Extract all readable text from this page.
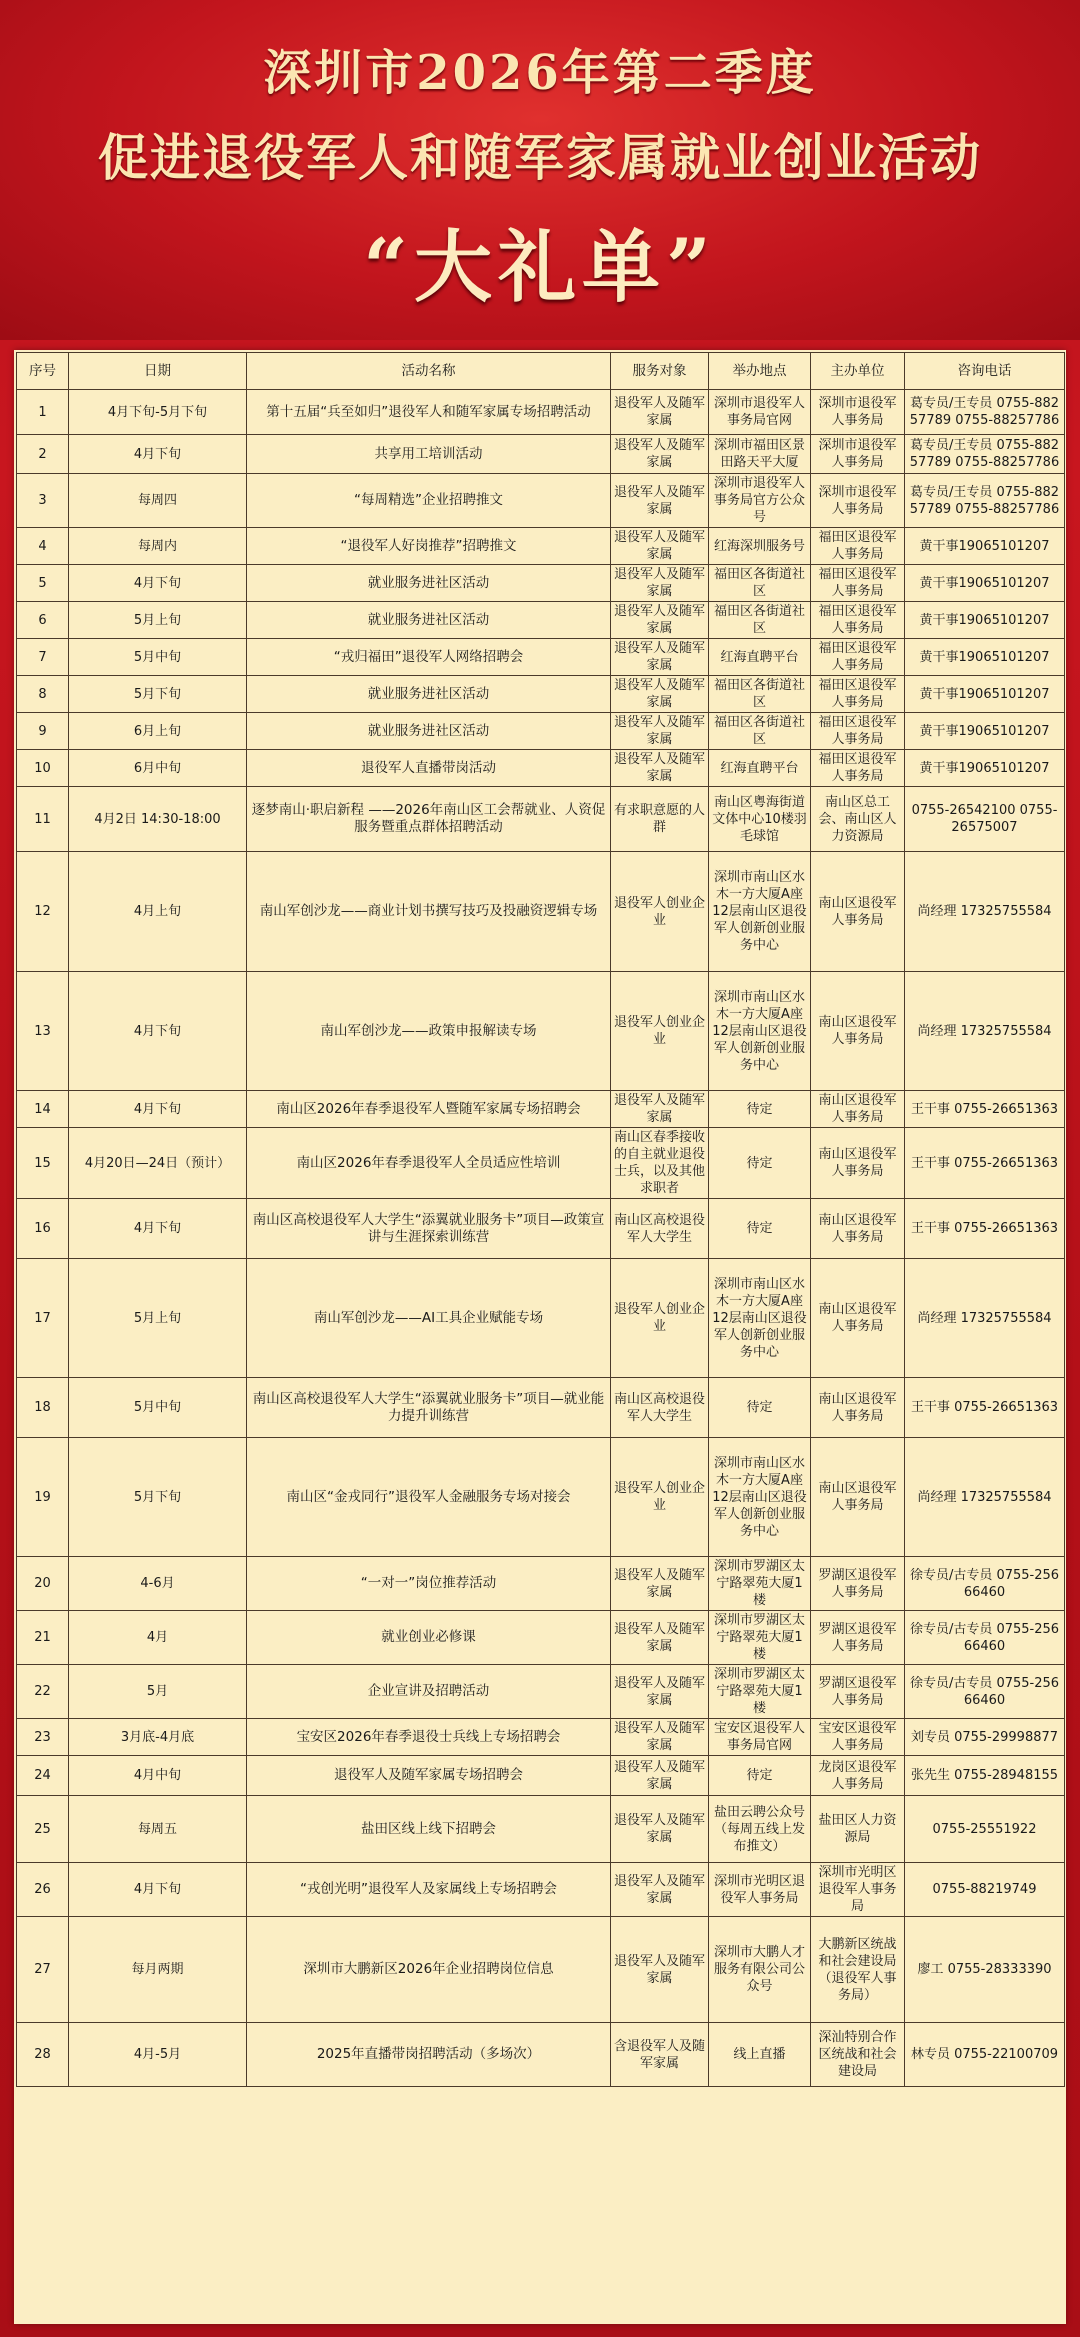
深圳市2026年第二季度
促进退役军人和随军家属就业创业活动
“大礼单”
序号	日期	活动名称	服务对象	举办地点	主办单位	咨询电话
1	4月下旬-5月下旬	第十五届“兵至如归”退役军人和随军家属专场招聘活动	退役军人及随军家属	深圳市退役军人事务局官网	深圳市退役军人事务局	葛专员/王专员 0755-88257789 0755-88257786
2	4月下旬	共享用工培训活动	退役军人及随军家属	深圳市福田区景田路天平大厦	深圳市退役军人事务局	葛专员/王专员 0755-88257789 0755-88257786
3	每周四	“每周精选”企业招聘推文	退役军人及随军家属	深圳市退役军人事务局官方公众号	深圳市退役军人事务局	葛专员/王专员 0755-88257789 0755-88257786
4	每周内	“退役军人好岗推荐”招聘推文	退役军人及随军家属	红海深圳服务号	福田区退役军人事务局	黄干事19065101207
5	4月下旬	就业服务进社区活动	退役军人及随军家属	福田区各街道社区	福田区退役军人事务局	黄干事19065101207
6	5月上旬	就业服务进社区活动	退役军人及随军家属	福田区各街道社区	福田区退役军人事务局	黄干事19065101207
7	5月中旬	“戎归福田”退役军人网络招聘会	退役军人及随军家属	红海直聘平台	福田区退役军人事务局	黄干事19065101207
8	5月下旬	就业服务进社区活动	退役军人及随军家属	福田区各街道社区	福田区退役军人事务局	黄干事19065101207
9	6月上旬	就业服务进社区活动	退役军人及随军家属	福田区各街道社区	福田区退役军人事务局	黄干事19065101207
10	6月中旬	退役军人直播带岗活动	退役军人及随军家属	红海直聘平台	福田区退役军人事务局	黄干事19065101207
11	4月2日 14:30-18:00	逐梦南山·职启新程 ——2026年南山区工会帮就业、人资促服务暨重点群体招聘活动	有求职意愿的人群	南山区粤海街道文体中心10楼羽毛球馆	南山区总工会、南山区人力资源局	0755-26542100 0755-26575007
12	4月上旬	南山军创沙龙——商业计划书撰写技巧及投融资逻辑专场	退役军人创业企业	深圳市南山区水木一方大厦A座12层南山区退役军人创新创业服务中心	南山区退役军人事务局	尚经理 17325755584
13	4月下旬	南山军创沙龙——政策申报解读专场	退役军人创业企业	深圳市南山区水木一方大厦A座12层南山区退役军人创新创业服务中心	南山区退役军人事务局	尚经理 17325755584
14	4月下旬	南山区2026年春季退役军人暨随军家属专场招聘会	退役军人及随军家属	待定	南山区退役军人事务局	王干事 0755-26651363
15	4月20日—24日（预计）	南山区2026年春季退役军人全员适应性培训	南山区春季接收的自主就业退役士兵，以及其他求职者	待定	南山区退役军人事务局	王干事 0755-26651363
16	4月下旬	南山区高校退役军人大学生“添翼就业服务卡”项目—政策宣讲与生涯探索训练营	南山区高校退役军人大学生	待定	南山区退役军人事务局	王干事 0755-26651363
17	5月上旬	南山军创沙龙——AI工具企业赋能专场	退役军人创业企业	深圳市南山区水木一方大厦A座12层南山区退役军人创新创业服务中心	南山区退役军人事务局	尚经理 17325755584
18	5月中旬	南山区高校退役军人大学生“添翼就业服务卡”项目—就业能力提升训练营	南山区高校退役军人大学生	待定	南山区退役军人事务局	王干事 0755-26651363
19	5月下旬	南山区“金戎同行”退役军人金融服务专场对接会	退役军人创业企业	深圳市南山区水木一方大厦A座12层南山区退役军人创新创业服务中心	南山区退役军人事务局	尚经理 17325755584
20	4-6月	“一对一”岗位推荐活动	退役军人及随军家属	深圳市罗湖区太宁路翠苑大厦1楼	罗湖区退役军人事务局	徐专员/古专员 0755-25666460
21	4月	就业创业必修课	退役军人及随军家属	深圳市罗湖区太宁路翠苑大厦1楼	罗湖区退役军人事务局	徐专员/古专员 0755-25666460
22	5月	企业宣讲及招聘活动	退役军人及随军家属	深圳市罗湖区太宁路翠苑大厦1楼	罗湖区退役军人事务局	徐专员/古专员 0755-25666460
23	3月底-4月底	宝安区2026年春季退役士兵线上专场招聘会	退役军人及随军家属	宝安区退役军人事务局官网	宝安区退役军人事务局	刘专员 0755-29998877
24	4月中旬	退役军人及随军家属专场招聘会	退役军人及随军家属	待定	龙岗区退役军人事务局	张先生 0755-28948155
25	每周五	盐田区线上线下招聘会	退役军人及随军家属	盐田云聘公众号（每周五线上发布推文）	盐田区人力资源局	0755-25551922
26	4月下旬	“戎创光明”退役军人及家属线上专场招聘会	退役军人及随军家属	深圳市光明区退役军人事务局	深圳市光明区退役军人事务局	0755-88219749
27	每月两期	深圳市大鹏新区2026年企业招聘岗位信息	退役军人及随军家属	深圳市大鹏人才服务有限公司公众号	大鹏新区统战和社会建设局（退役军人事务局）	廖工 0755-28333390
28	4月-5月	2025年直播带岗招聘活动（多场次）	含退役军人及随军家属	线上直播	深汕特别合作区统战和社会建设局	林专员 0755-22100709
